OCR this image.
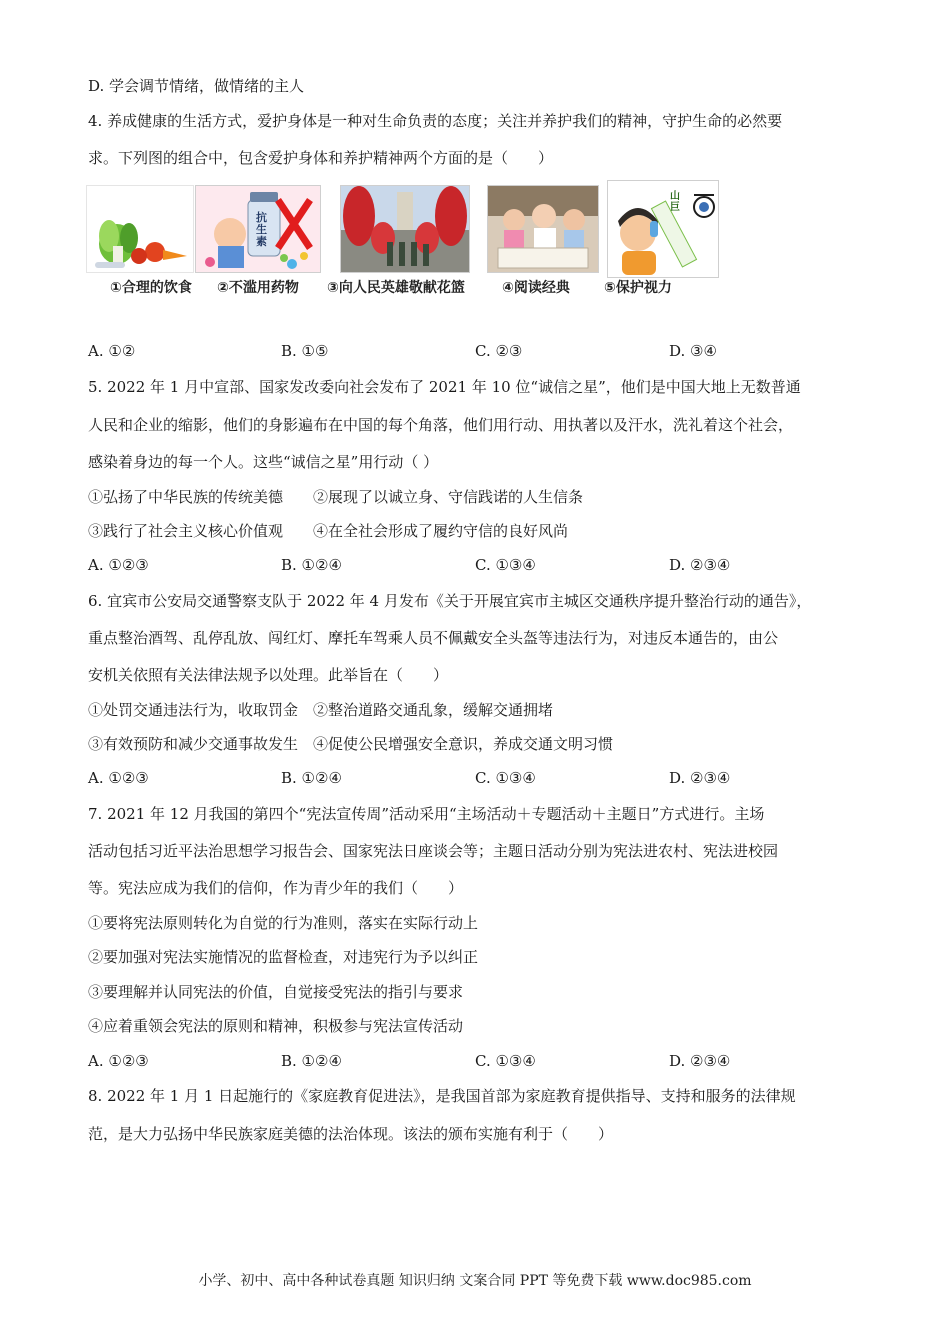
D. 学会调节情绪，做情绪的主人
4. 养成健康的生活方式，爱护身体是一种对生命负责的态度；关注并养护我们的精神，守护生命的必然要
求。下列图的组合中，包含爱护身体和养护精神两个方面的是（　　）
①合理的饮食
抗生素
②不滥用药物 ③向人民英雄敬献花篮	④阅读经典
山巨
⑤保护视力
A. ①②	B. ①⑤	C. ②③	D. ③④
5. 2022 年 1 月中宣部、国家发改委向社会发布了 2021 年 10 位“诚信之星”，他们是中国大地上无数普通
人民和企业的缩影，他们的身影遍布在中国的每个角落，他们用行动、用执著以及汗水，洗礼着这个社会，
感染着身边的每一个人。这些“诚信之星”用行动（ ）
①弘扬了中华民族的传统美德　　②展现了以诚立身、守信践诺的人生信条
③践行了社会主义核心价值观　　④在全社会形成了履约守信的良好风尚
A. ①②③	B. ①②④	C. ①③④	D. ②③④
6. 宜宾市公安局交通警察支队于 2022 年 4 月发布《关于开展宜宾市主城区交通秩序提升整治行动的通告》，
重点整治酒驾、乱停乱放、闯红灯、摩托车驾乘人员不佩戴安全头盔等违法行为，对违反本通告的，由公
安机关依照有关法律法规予以处理。此举旨在（　　）
①处罚交通违法行为，收取罚金　②整治道路交通乱象，缓解交通拥堵
③有效预防和减少交通事故发生　④促使公民增强安全意识，养成交通文明习惯
A. ①②③	B. ①②④	C. ①③④	D. ②③④
7. 2021 年 12 月我国的第四个“宪法宣传周”活动采用“主场活动＋专题活动＋主题日”方式进行。主场
活动包括习近平法治思想学习报告会、国家宪法日座谈会等；主题日活动分别为宪法进农村、宪法进校园
等。宪法应成为我们的信仰，作为青少年的我们（　　）
①要将宪法原则转化为自觉的行为准则，落实在实际行动上
②要加强对宪法实施情况的监督检查，对违宪行为予以纠正
③要理解并认同宪法的价值，自觉接受宪法的指引与要求
④应着重领会宪法的原则和精神，积极参与宪法宣传活动
A. ①②③	B. ①②④	C. ①③④	D. ②③④
8. 2022 年 1 月 1 日起施行的《家庭教育促进法》，是我国首部为家庭教育提供指导、支持和服务的法律规
范，是大力弘扬中华民族家庭美德的法治体现。该法的颁布实施有利于（　　）
小学、初中、高中各种试卷真题 知识归纳 文案合同 PPT 等免费下载 www.doc985.com
